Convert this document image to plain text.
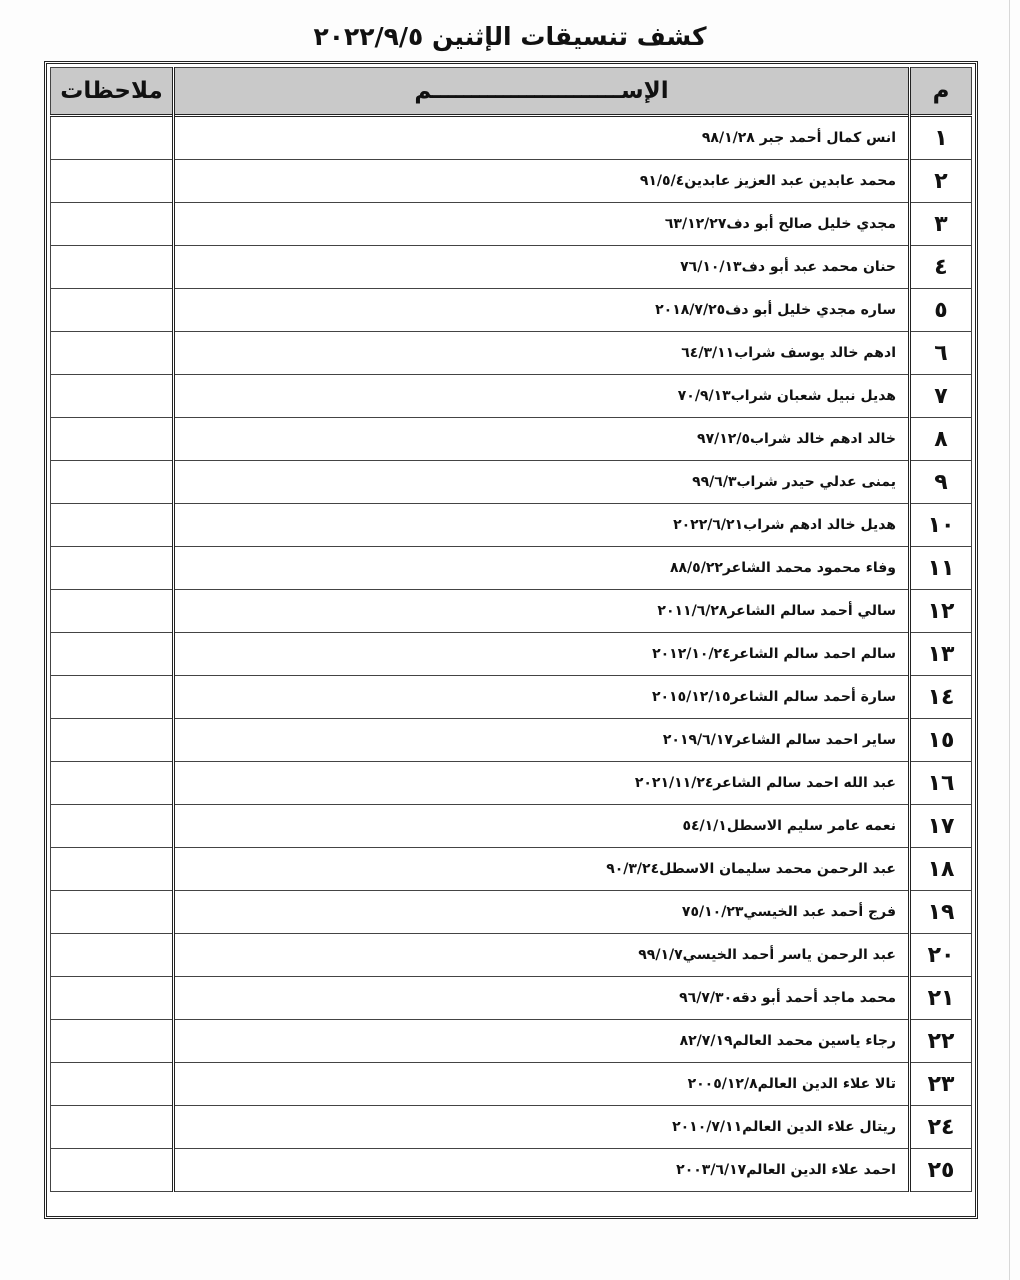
كشف تنسيقات الإثنين ٢٠٢٢/٩/٥
م	الإســــــــــــــــــــــــم	ملاحظات
١	انس كمال أحمد جبر ٩٨/١/٢٨	
٢	محمد عابدين عبد العزيز عابدين٩١/٥/٤	
٣	مجدي خليل صالح أبو دف٦٣/١٢/٢٧	
٤	حنان محمد عبد أبو دف٧٦/١٠/١٣	
٥	ساره مجدي خليل أبو دف٢٠١٨/٧/٢٥	
٦	ادهم خالد يوسف شراب٦٤/٣/١١	
٧	هديل نبيل شعبان شراب٧٠/٩/١٣	
٨	خالد ادهم خالد شراب٩٧/١٢/٥	
٩	يمنى عدلي حيدر شراب٩٩/٦/٣	
١٠	هديل خالد ادهم شراب٢٠٢٢/٦/٢١	
١١	وفاء محمود محمد الشاعر٨٨/٥/٢٢	
١٢	سالي أحمد سالم الشاعر٢٠١١/٦/٢٨	
١٣	سالم احمد سالم الشاعر٢٠١٢/١٠/٢٤	
١٤	سارة أحمد سالم الشاعر٢٠١٥/١٢/١٥	
١٥	ساير احمد سالم الشاعر٢٠١٩/٦/١٧	
١٦	عبد الله احمد سالم الشاعر٢٠٢١/١١/٢٤	
١٧	نعمه عامر سليم الاسطل٥٤/١/١	
١٨	عبد الرحمن محمد سليمان الاسطل٩٠/٣/٢٤	
١٩	فرج أحمد عبد الخيسي٧٥/١٠/٢٣	
٢٠	عبد الرحمن ياسر أحمد الخيسي٩٩/١/٧	
٢١	محمد ماجد أحمد أبو دقه٩٦/٧/٣٠	
٢٢	رجاء ياسين محمد العالم٨٢/٧/١٩	
٢٣	تالا علاء الدين العالم٢٠٠٥/١٢/٨	
٢٤	ريتال علاء الدين العالم٢٠١٠/٧/١١	
٢٥	احمد علاء الدين العالم٢٠٠٣/٦/١٧	
